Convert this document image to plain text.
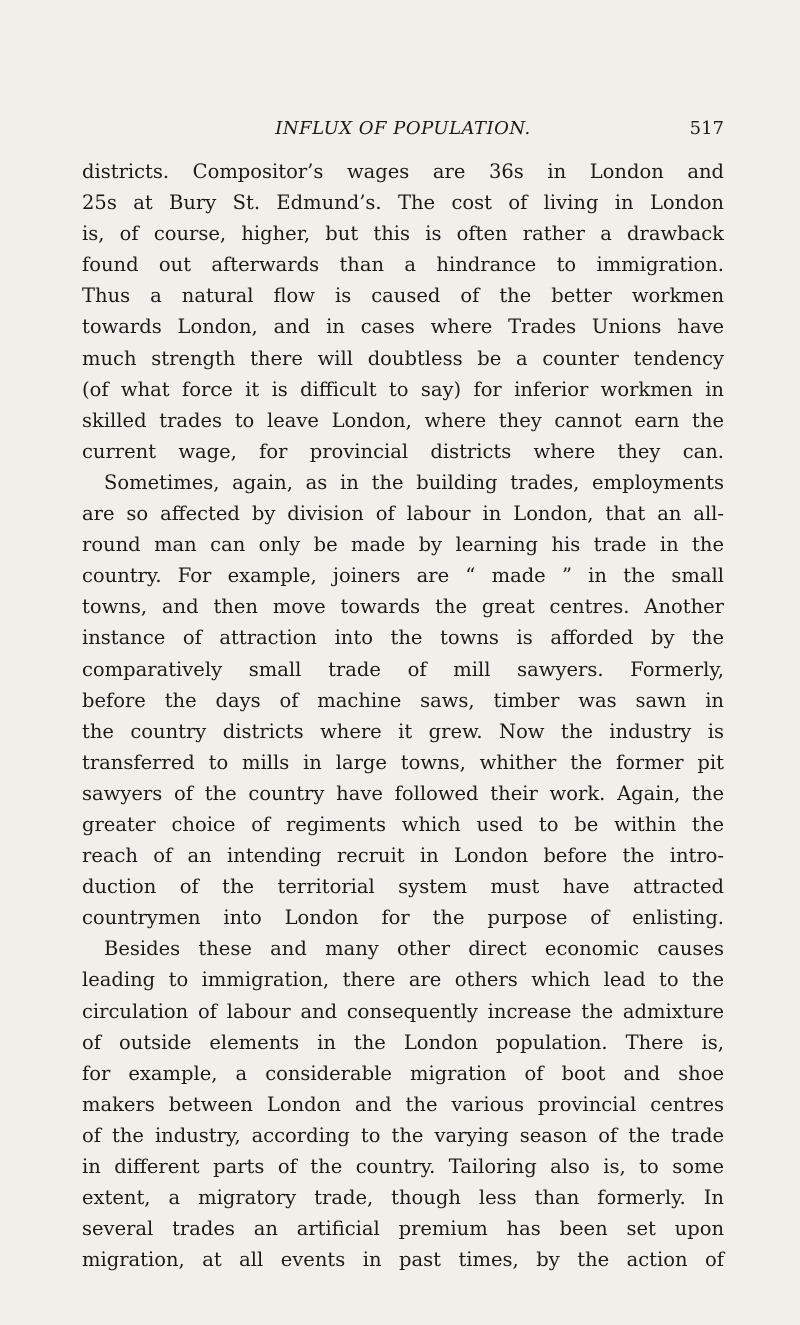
INFLUX OF POPULATION.	517
districts. Compositor’s wages are 36s in London and
25s at Bury St. Edmund’s. The cost of living in London
is, of course, higher, but this is often rather a drawback
found out afterwards than a hindrance to immigration.
Thus a natural flow is caused of the better workmen
towards London, and in cases where Trades Unions have
much strength there will doubtless be a counter tendency
(of what force it is difficult to say) for inferior workmen in
skilled trades to leave London, where they cannot earn the
current wage, for provincial districts where they can.
Sometimes, again, as in the building trades, employments
are so affected by division of labour in London, that an all-
round man can only be made by learning his trade in the
country. For example, joiners are “ made ” in the small
towns, and then move towards the great centres. Another
instance of attraction into the towns is afforded by the
comparatively small trade of mill sawyers. Formerly,
before the days of machine saws, timber was sawn in
the country districts where it grew. Now the industry is
transferred to mills in large towns, whither the former pit
sawyers of the country have followed their work. Again, the
greater choice of regiments which used to be within the
reach of an intending recruit in London before the intro-
duction of the territorial system must have attracted
countrymen into London for the purpose of enlisting.
Besides these and many other direct economic causes
leading to immigration, there are others which lead to the
circulation of labour and consequently increase the admixture
of outside elements in the London population. There is,
for example, a considerable migration of boot and shoe
makers between London and the various provincial centres
of the industry, according to the varying season of the trade
in different parts of the country. Tailoring also is, to some
extent, a migratory trade, though less than formerly. In
several trades an artificial premium has been set upon
migration, at all events in past times, by the action of
